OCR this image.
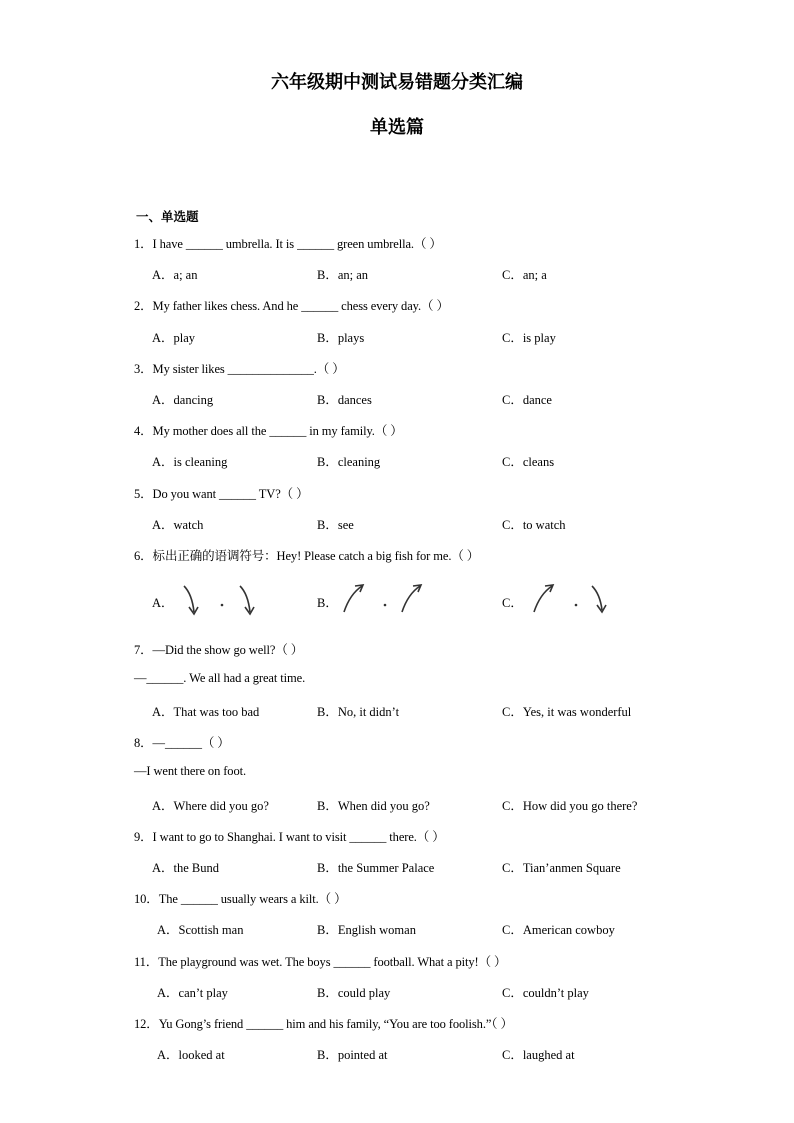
六年级期中测试易错题分类汇编
单选篇
一、单选题
1．I have ______ umbrella. It is ______ green umbrella.（ ）
A．a; an	B．an; an	C．an; a
2．My father likes chess. And he ______ chess every day.（ ）
A．play	B．plays	C．is play
3．My sister likes ______________.（ ）
A．dancing	B．dances	C．dance
4．My mother does all the ______ in my family.（ ）
A．is cleaning	B．cleaning	C．cleans
5．Do you want ______ TV?（ ）
A．watch	B．see	C．to watch
6．标出正确的语调符号：Hey! Please catch a big fish for me.（ ）
A．	B．	C．
7．—Did the show go well?（ ）
—______. We all had a great time.
A．That was too bad	B．No, it didn’t	C．Yes, it was wonderful
8．—______（ ）
—I went there on foot.
A．Where did you go?	B．When did you go?	C．How did you go there?
9．I want to go to Shanghai. I want to visit ______ there.（ ）
A．the Bund	B．the Summer Palace	C．Tian’anmen Square
10．The ______ usually wears a kilt.（ ）
A．Scottish man	B．English woman	C．American cowboy
11．The playground was wet. The boys ______ football. What a pity!（ ）
A．can’t play	B．could play	C．couldn’t play
12．Yu Gong’s friend ______ him and his family, “You are too foolish.”（ ）
A．looked at	B．pointed at	C．laughed at
